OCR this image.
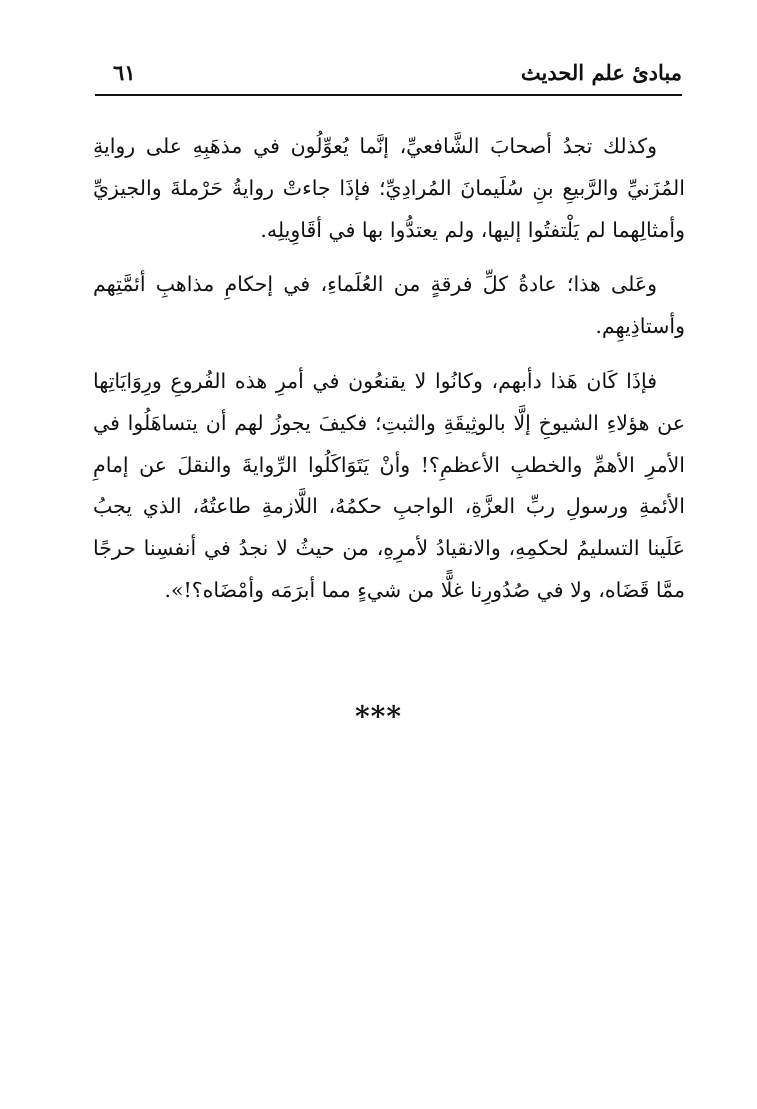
مبادئ علم الحديث
٦١

وكذلك تجدُ أصحابَ الشَّافعيِّ، إنَّما يُعوِّلُون في مذهَبِهِ على روايةِ المُزَنيِّ والرَّبيعِ بنِ سُلَيمانَ المُرادِيِّ؛ فإذَا جاءتْ روايةُ حَرْملةَ والجيزيِّ وأمثالِهما لم يَلْتفتُوا إليها، ولم يعتدُّوا بها في أقَاوِيلِه.

وعَلى هذا؛ عادةُ كلِّ فرقةٍ من العُلَماءِ، في إحكامِ مذاهبِ أئمَّتِهم وأستاذِيهِم.

فإذَا كَان هَذا دأبهم، وكانُوا لا يقنعُون في أمرِ هذه الفُروعِ ورِوَايَاتِها عن هؤلاءِ الشيوخِ إلَّا بالوثِيقَةِ والثبتِ؛ فكيفَ يجوزُ لهم أن يتساهَلُوا في الأمرِ الأهمِّ والخطبِ الأعظمِ؟! وأنْ يَتَوَاكَلُوا الرِّوايةَ والنقلَ عن إمامِ الأئمةِ ورسولِ ربِّ العزَّةِ، الواجبِ حكمُهُ، اللَّازمةِ طاعتُهُ، الذي يجبُ عَلَينا التسليمُ لحكمِهِ، والانقيادُ لأمرِهِ، من حيثُ لا نجدُ في أنفسِنا حرجًا ممَّا قَضَاه، ولا في صُدُورِنا غلًّا من شيءٍ مما أبرَمَه وأمْضَاه؟!».

***
